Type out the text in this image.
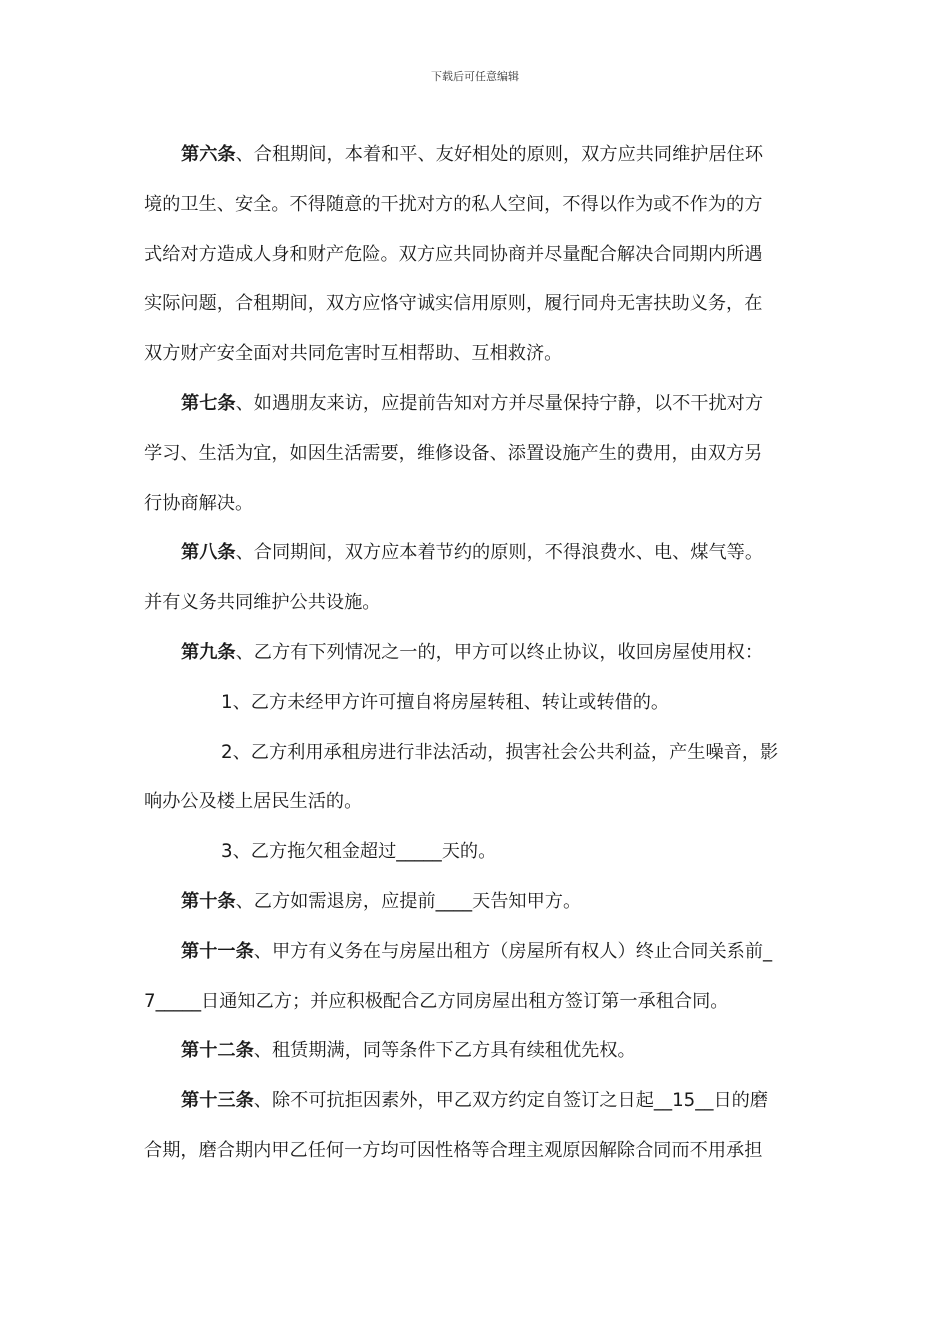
下载后可任意编辑
第六条、合租期间，本着和平、友好相处的原则，双方应共同维护居住环
境的卫生、安全。不得随意的干扰对方的私人空间，不得以作为或不作为的方
式给对方造成人身和财产危险。双方应共同协商并尽量配合解决合同期内所遇
实际问题，合租期间，双方应恪守诚实信用原则，履行同舟无害扶助义务，在
双方财产安全面对共同危害时互相帮助、互相救济。
第七条、如遇朋友来访，应提前告知对方并尽量保持宁静，以不干扰对方
学习、生活为宜，如因生活需要，维修设备、添置设施产生的费用，由双方另
行协商解决。
第八条、合同期间，双方应本着节约的原则，不得浪费水、电、煤气等。
并有义务共同维护公共设施。
第九条、乙方有下列情况之一的，甲方可以终止协议，收回房屋使用权：
1、乙方未经甲方许可擅自将房屋转租、转让或转借的。
2、乙方利用承租房进行非法活动，损害社会公共利益，产生噪音，影
响办公及楼上居民生活的。
3、乙方拖欠租金超过_____天的。
第十条、乙方如需退房，应提前____天告知甲方。
第十一条、甲方有义务在与房屋出租方（房屋所有权人）终止合同关系前_
7_____日通知乙方；并应积极配合乙方同房屋出租方签订第一承租合同。
第十二条、租赁期满，同等条件下乙方具有续租优先权。
第十三条、除不可抗拒因素外，甲乙双方约定自签订之日起__15__日的磨
合期，磨合期内甲乙任何一方均可因性格等合理主观原因解除合同而不用承担
